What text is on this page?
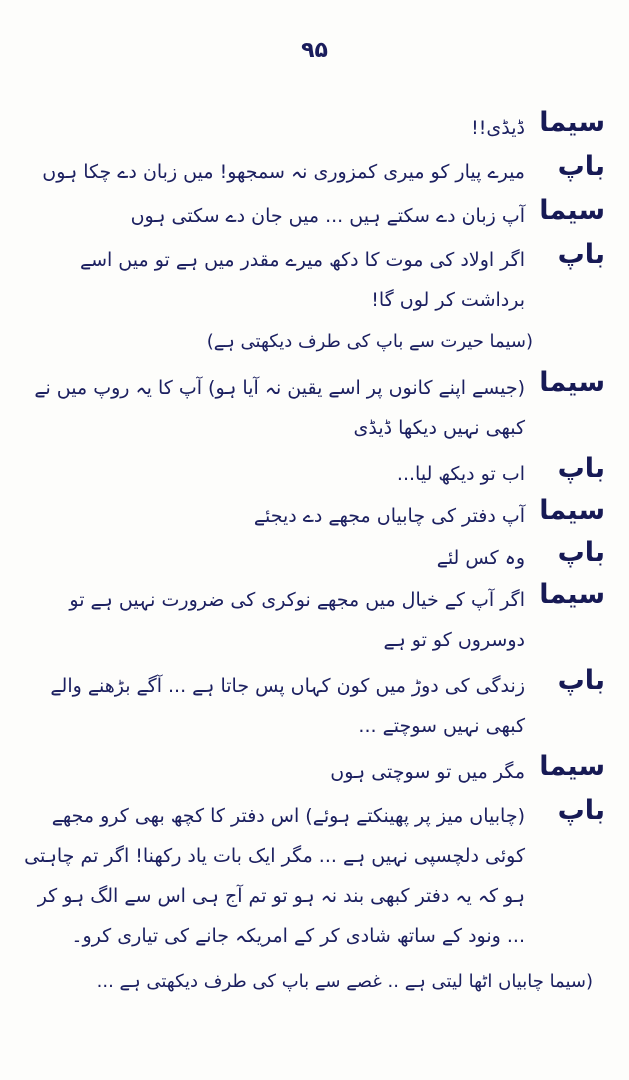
۹۵
سیما
ڈیڈی!!
باپ
میرے پیار کو میری کمزوری نہ سمجھو! میں زبان دے چکا ہوں
سیما
آپ زبان دے سکتے ہیں ... میں جان دے سکتی ہوں
باپ
اگر اولاد کی موت کا دکھ میرے مقدر میں ہے تو میں اسے برداشت کر لوں گا!
(سیما حیرت سے باپ کی طرف دیکھتی ہے)
سیما
(جیسے اپنے کانوں پر اسے یقین نہ آیا ہو) آپ کا یہ روپ میں نے کبھی نہیں دیکھا ڈیڈی
باپ
اب تو دیکھ لیا...
سیما
آپ دفتر کی چابیاں مجھے دے دیجئے
باپ
وہ کس لئے
سیما
اگر آپ کے خیال میں مجھے نوکری کی ضرورت نہیں ہے تو دوسروں کو تو ہے
باپ
زندگی کی دوڑ میں کون کہاں پس جاتا ہے ... آگے بڑھنے والے کبھی نہیں سوچتے ...
سیما
مگر میں تو سوچتی ہوں
باپ
(چابیاں میز پر پھینکتے ہوئے) اس دفتر کا کچھ بھی کرو مجھے کوئی دلچسپی نہیں ہے ... مگر ایک بات یاد رکھنا! اگر تم چاہتی ہو کہ یہ دفتر کبھی بند نہ ہو تو تم آج ہی اس سے الگ ہو کر ... ونود کے ساتھ شادی کر کے امریکہ جانے کی تیاری کرو۔
(سیما چابیاں اٹھا لیتی ہے .. غصے سے باپ کی طرف دیکھتی ہے ...
